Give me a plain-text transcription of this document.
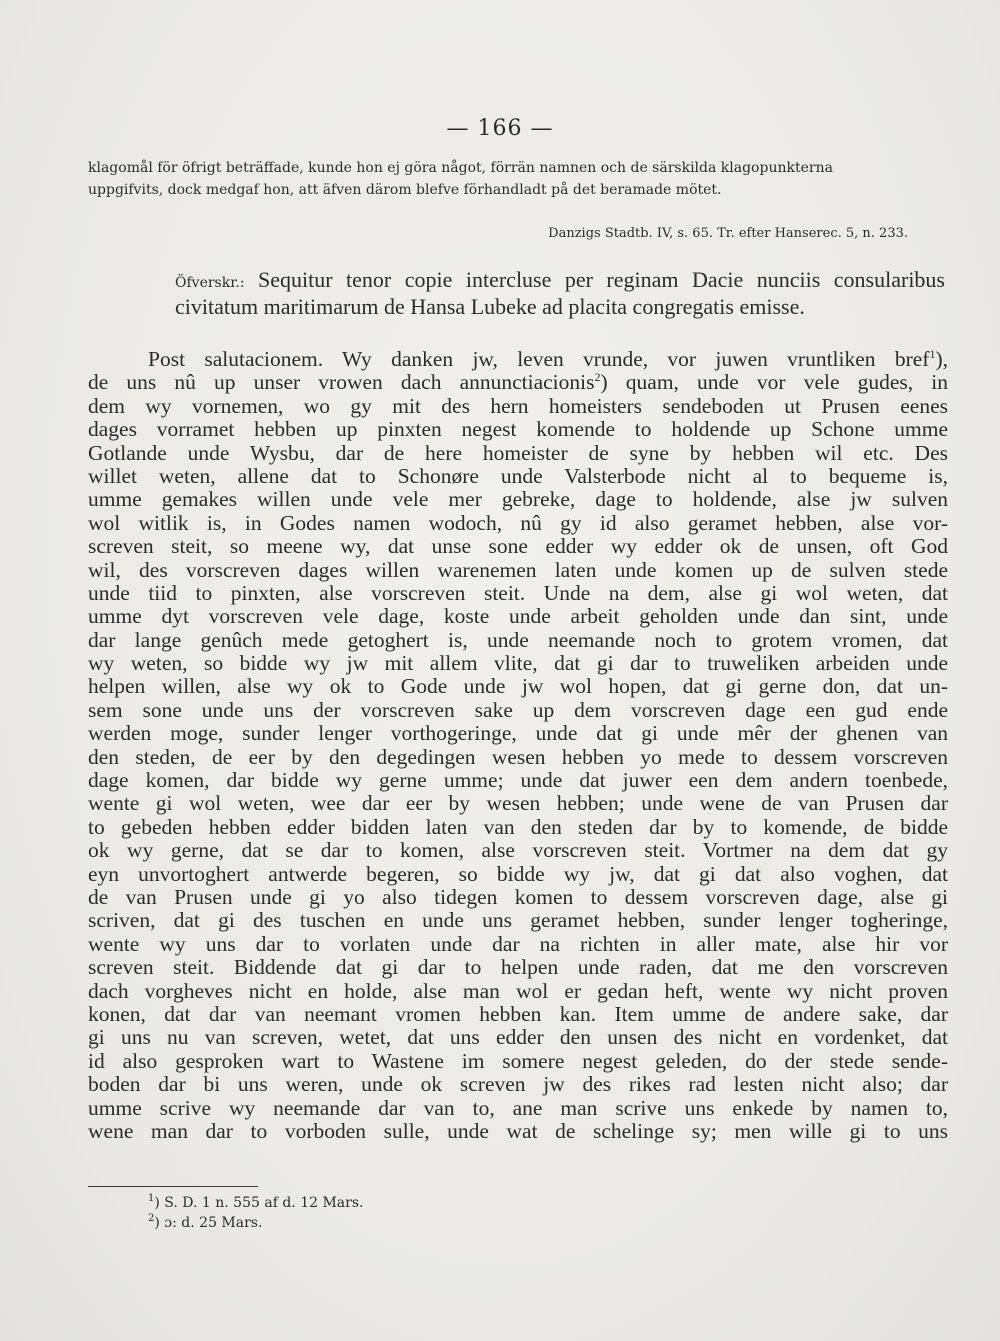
— 166 —
klagomål för öfrigt beträffade, kunde hon ej göra något, förrän namnen och de särskilda klagopunkterna
uppgifvits, dock medgaf hon, att äfven därom blefve förhandladt på det beramade mötet.
Danzigs Stadtb. IV, s. 65. Tr. efter Hanserec. 5, n. 233.
Öfverskr.: Sequitur tenor copie intercluse per reginam Dacie nunciis consularibus civitatum maritimarum de Hansa Lubeke ad placita congregatis emisse.
Post salutacionem. Wy danken jw, leven vrunde, vor juwen vruntliken bref$^1$),
de uns nû up unser vrowen dach annunctiacionis$^2$) quam, unde vor vele gudes, in
dem wy vornemen, wo gy mit des hern homeisters sendeboden ut Prusen eenes
dages vorramet hebben up pinxten negest komende to holdende up Schone umme
Gotlande unde Wysbu, dar de here homeister de syne by hebben wil etc. Des
willet weten, allene dat to Schonøre unde Valsterbode nicht al to bequeme is,
umme gemakes willen unde vele mer gebreke, dage to holdende, alse jw sulven
wol witlik is, in Godes namen wodoch, nû gy id also geramet hebben, alse vor-
screven steit, so meene wy, dat unse sone edder wy edder ok de unsen, oft God
wil, des vorscreven dages willen warenemen laten unde komen up de sulven stede
unde tiid to pinxten, alse vorscreven steit. Unde na dem, alse gi wol weten, dat
umme dyt vorscreven vele dage, koste unde arbeit geholden unde dan sint, unde
dar lange genûch mede getoghert is, unde neemande noch to grotem vromen, dat
wy weten, so bidde wy jw mit allem vlite, dat gi dar to truweliken arbeiden unde
helpen willen, alse wy ok to Gode unde jw wol hopen, dat gi gerne don, dat un-
sem sone unde uns der vorscreven sake up dem vorscreven dage een gud ende
werden moge, sunder lenger vorthogeringe, unde dat gi unde mêr der ghenen van
den steden, de eer by den degedingen wesen hebben yo mede to dessem vorscreven
dage komen, dar bidde wy gerne umme; unde dat juwer een dem andern toenbede,
wente gi wol weten, wee dar eer by wesen hebben; unde wene de van Prusen dar
to gebeden hebben edder bidden laten van den steden dar by to komende, de bidde
ok wy gerne, dat se dar to komen, alse vorscreven steit. Vortmer na dem dat gy
eyn unvortoghert antwerde begeren, so bidde wy jw, dat gi dat also voghen, dat
de van Prusen unde gi yo also tidegen komen to dessem vorscreven dage, alse gi
scriven, dat gi des tuschen en unde uns geramet hebben, sunder lenger togheringe,
wente wy uns dar to vorlaten unde dar na richten in aller mate, alse hir vor
screven steit. Biddende dat gi dar to helpen unde raden, dat me den vorscreven
dach vorgheves nicht en holde, alse man wol er gedan heft, wente wy nicht proven
konen, dat dar van neemant vromen hebben kan. Item umme de andere sake, dar
gi uns nu van screven, wetet, dat uns edder den unsen des nicht en vordenket, dat
id also gesproken wart to Wastene im somere negest geleden, do der stede sende-
boden dar bi uns weren, unde ok screven jw des rikes rad lesten nicht also; dar
umme scrive wy neemande dar van to, ane man scrive uns enkede by namen to,
wene man dar to vorboden sulle, unde wat de schelinge sy; men wille gi to uns
$^1$) S. D. 1 n. 555 af d. 12 Mars.
$^2$) ɔ: d. 25 Mars.
